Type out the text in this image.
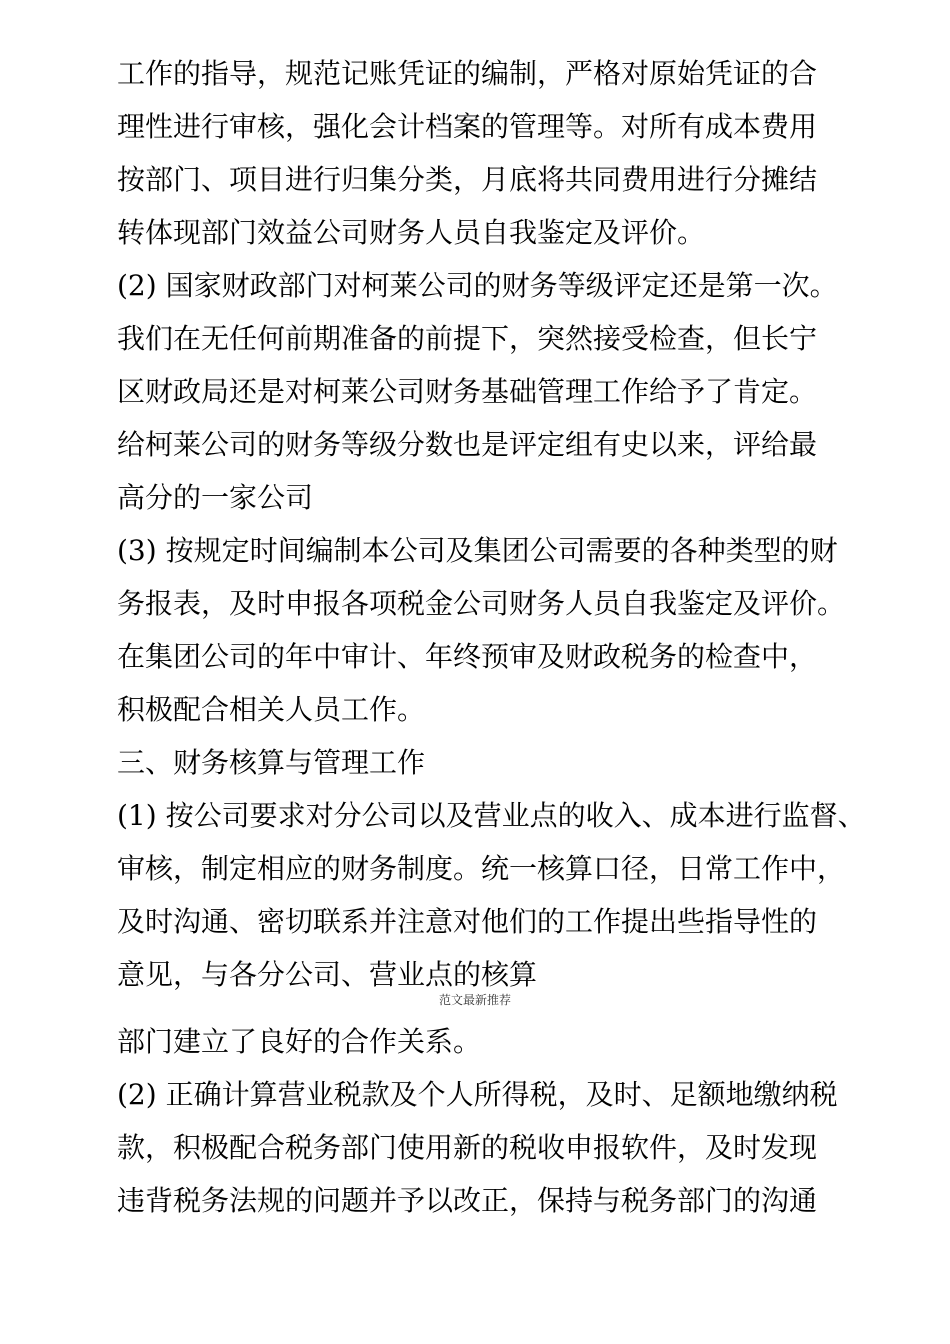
工作的指导，规范记账凭证的编制，严格对原始凭证的合
理性进行审核，强化会计档案的管理等。对所有成本费用
按部门、项目进行归集分类，月底将共同费用进行分摊结
转体现部门效益公司财务人员自我鉴定及评价。
(2) 国家财政部门对柯莱公司的财务等级评定还是第一次。
我们在无任何前期准备的前提下，突然接受检查，但长宁
区财政局还是对柯莱公司财务基础管理工作给予了肯定。
给柯莱公司的财务等级分数也是评定组有史以来，评给最
高分的一家公司
(3) 按规定时间编制本公司及集团公司需要的各种类型的财
务报表，及时申报各项税金公司财务人员自我鉴定及评价。
在集团公司的年中审计、年终预审及财政税务的检查中，
积极配合相关人员工作。
三、财务核算与管理工作
(1) 按公司要求对分公司以及营业点的收入、成本进行监督、
审核，制定相应的财务制度。统一核算口径，日常工作中，
及时沟通、密切联系并注意对他们的工作提出些指导性的
意见，与各分公司、营业点的核算
范文最新推荐
部门建立了良好的合作关系。
(2) 正确计算营业税款及个人所得税，及时、足额地缴纳税
款，积极配合税务部门使用新的税收申报软件，及时发现
违背税务法规的问题并予以改正，保持与税务部门的沟通
